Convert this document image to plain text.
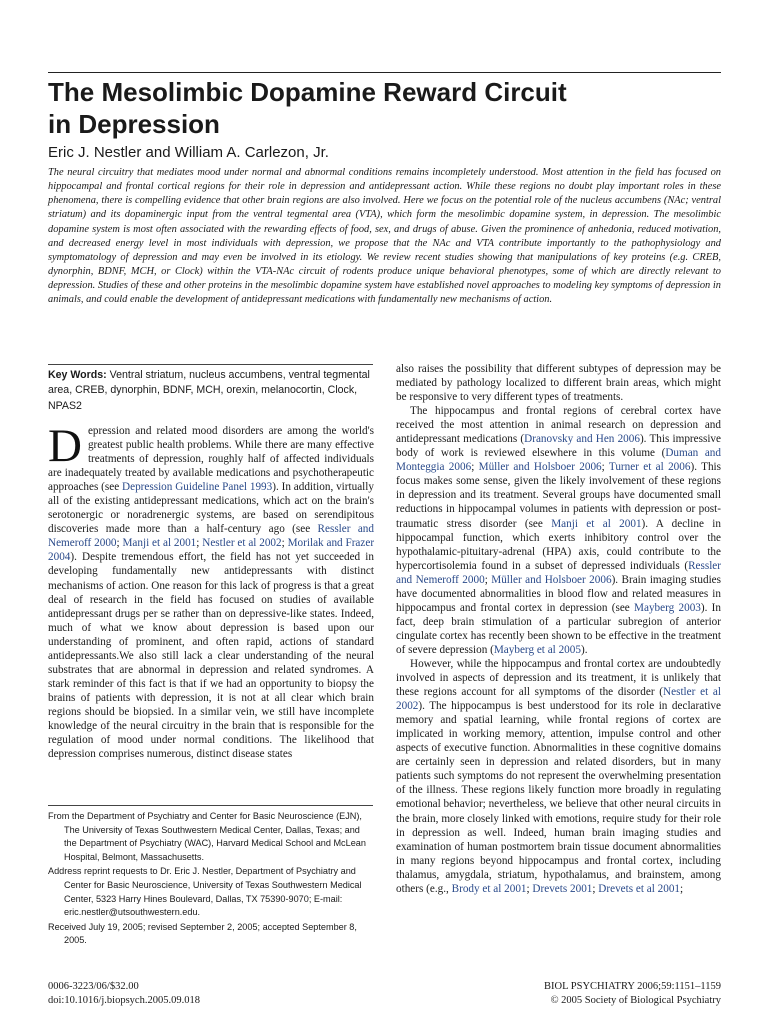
The Mesolimbic Dopamine Reward Circuit
in Depression
Eric J. Nestler and William A. Carlezon, Jr.

The neural circuitry that mediates mood under normal and abnormal conditions remains incompletely understood. Most attention in the field has focused on hippocampal and frontal cortical regions for their role in depression and antidepressant action. While these regions no doubt play important roles in these phenomena, there is compelling evidence that other brain regions are also involved. Here we focus on the potential role of the nucleus accumbens (NAc; ventral striatum) and its dopaminergic input from the ventral tegmental area (VTA), which form the mesolimbic dopamine system, in depression. The mesolimbic dopamine system is most often associated with the rewarding effects of food, sex, and drugs of abuse. Given the prominence of anhedonia, reduced motivation, and decreased energy level in most individuals with depression, we propose that the NAc and VTA contribute importantly to the pathophysiology and symptomatology of depression and may even be involved in its etiology. We review recent studies showing that manipulations of key proteins (e.g. CREB, dynorphin, BDNF, MCH, or Clock) within the VTA-NAc circuit of rodents produce unique behavioral phenotypes, some of which are directly relevant to depression. Studies of these and other proteins in the mesolimbic dopamine system have established novel approaches to modeling key symptoms of depression in animals, and could enable the development of antidepressant medications with fundamentally new mechanisms of action.

Key Words: Ventral striatum, nucleus accumbens, ventral tegmental area, CREB, dynorphin, BDNF, MCH, orexin, melanocortin, Clock, NPAS2

Depression and related mood disorders are among the world's greatest public health problems. While there are many effective treatments of depression, roughly half of affected individuals are inadequately treated by available medications and psychotherapeutic approaches (see Depression Guideline Panel 1993). In addition, virtually all of the existing antidepressant medications, which act on the brain's serotonergic or noradrenergic systems, are based on serendipitous discoveries made more than a half-century ago (see Ressler and Nemeroff 2000; Manji et al 2001; Nestler et al 2002; Morilak and Frazer 2004). Despite tremendous effort, the field has not yet succeeded in developing fundamentally new antidepressants with distinct mechanisms of action. One reason for this lack of progress is that a great deal of research in the field has focused on studies of available antidepressant drugs per se rather than on depressive-like states. Indeed, much of what we know about depression is based upon our understanding of prominent, and often rapid, actions of standard antidepressants.We also still lack a clear understanding of the neural substrates that are abnormal in depression and related syndromes. A stark reminder of this fact is that if we had an opportunity to biopsy the brains of patients with depression, it is not at all clear which brain regions should be biopsied. In a similar vein, we still have incomplete knowledge of the neural circuitry in the brain that is responsible for the regulation of mood under normal conditions. The likelihood that depression comprises numerous, distinct disease states

From the Department of Psychiatry and Center for Basic Neuroscience (EJN), The University of Texas Southwestern Medical Center, Dallas, Texas; and the Department of Psychiatry (WAC), Harvard Medical School and McLean Hospital, Belmont, Massachusetts.

Address reprint requests to Dr. Eric J. Nestler, Department of Psychiatry and Center for Basic Neuroscience, University of Texas Southwestern Medical Center, 5323 Harry Hines Boulevard, Dallas, TX 75390-9070; E-mail: eric.nestler@utsouthwestern.edu.

Received July 19, 2005; revised September 2, 2005; accepted September 8, 2005.

also raises the possibility that different subtypes of depression may be mediated by pathology localized to different brain areas, which might be responsive to very different types of treatments.

The hippocampus and frontal regions of cerebral cortex have received the most attention in animal research on depression and antidepressant medications (Dranovsky and Hen 2006). This impressive body of work is reviewed elsewhere in this volume (Duman and Monteggia 2006; Müller and Holsboer 2006; Turner et al 2006). This focus makes some sense, given the likely involvement of these regions in depression and its treatment. Several groups have documented small reductions in hippocampal volumes in patients with depression or post-traumatic stress disorder (see Manji et al 2001). A decline in hippocampal function, which exerts inhibitory control over the hypothalamic-pituitary-adrenal (HPA) axis, could contribute to the hypercortisolemia found in a subset of depressed individuals (Ressler and Nemeroff 2000; Müller and Holsboer 2006). Brain imaging studies have documented abnormalities in blood flow and related measures in hippocampus and frontal cortex in depression (see Mayberg 2003). In fact, deep brain stimulation of a particular subregion of anterior cingulate cortex has recently been shown to be effective in the treatment of severe depression (Mayberg et al 2005).

However, while the hippocampus and frontal cortex are undoubtedly involved in aspects of depression and its treatment, it is unlikely that these regions account for all symptoms of the disorder (Nestler et al 2002). The hippocampus is best understood for its role in declarative memory and spatial learning, while frontal regions of cortex are implicated in working memory, attention, impulse control and other aspects of executive function. Abnormalities in these cognitive domains are certainly seen in depression and related disorders, but in many patients such symptoms do not represent the overwhelming presentation of the illness. These regions likely function more broadly in regulating emotional behavior; nevertheless, we believe that other neural circuits in the brain, more closely linked with emotions, require study for their role in depression as well. Indeed, human brain imaging studies and examination of human postmortem brain tissue document abnormalities in many regions beyond hippocampus and frontal cortex, including thalamus, amygdala, striatum, hypothalamus, and brainstem, among others (e.g., Brody et al 2001; Drevets 2001; Drevets et al 2001;

0006-3223/06/$32.00
doi:10.1016/j.biopsych.2005.09.018
BIOL PSYCHIATRY 2006;59:1151–1159
© 2005 Society of Biological Psychiatry
